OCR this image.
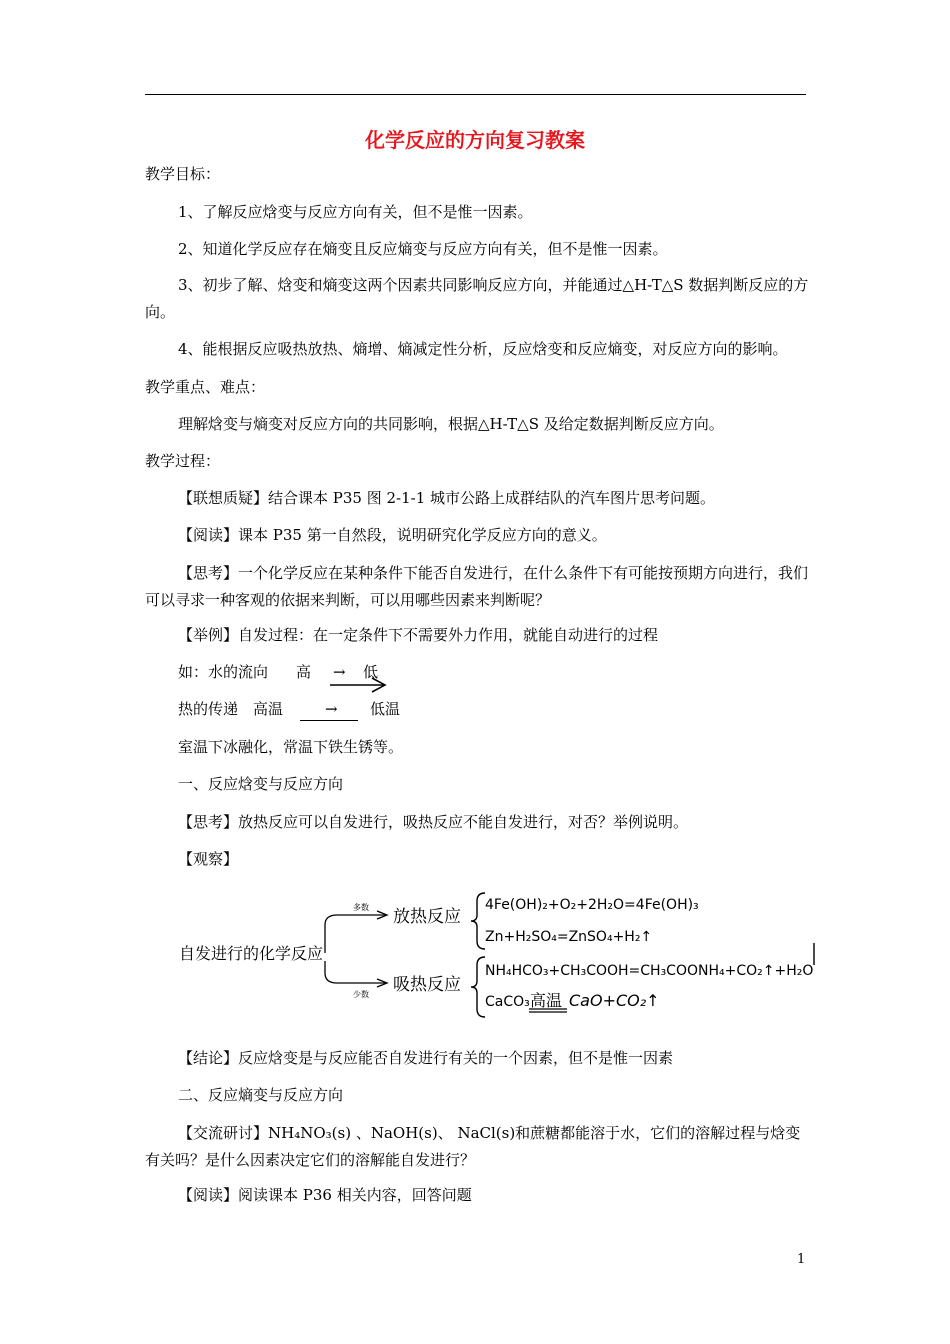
化学反应的方向复习教案
教学目标：
1、了解反应焓变与反应方向有关，但不是惟一因素。
2、知道化学反应存在熵变且反应熵变与反应方向有关，但不是惟一因素。
3、初步了解、焓变和熵变这两个因素共同影响反应方向，并能通过△H-T△S 数据判断反应的方向。
4、能根据反应吸热放热、熵增、熵减定性分析，反应焓变和反应熵变，对反应方向的影响。
教学重点、难点：
理解焓变与熵变对反应方向的共同影响，根据△H-T△S 及给定数据判断反应方向。
教学过程：
【联想质疑】结合课本 P35 图 2-1-1 城市公路上成群结队的汽车图片思考问题。
【阅读】课本 P35 第一自然段，说明研究化学反应方向的意义。
【思考】一个化学反应在某种条件下能否自发进行，在什么条件下有可能按预期方向进行，我们可以寻求一种客观的依据来判断，可以用哪些因素来判断呢？
【举例】自发过程：在一定条件下不需要外力作用，就能自动进行的过程
如：水的流向 高 → 低
热的传递 高温	→ 低温
室温下冰融化，常温下铁生锈等。
一、反应焓变与反应方向
【思考】放热反应可以自发进行，吸热反应不能自发进行，对否？举例说明。
【观察】
自发进行的化学反应
多数
少数
放热反应
吸热反应
4Fe(OH)₂+O₂+2H₂O=4Fe(OH)₃
Zn+H₂SO₄=ZnSO₄+H₂↑
NH₄HCO₃+CH₃COOH=CH₃COONH₄+CO₂↑+H₂O
CaCO₃ 高温 CaO+CO₂↑
【结论】反应焓变是与反应能否自发进行有关的一个因素，但不是惟一因素
二、反应熵变与反应方向
【交流研讨】NH₄NO₃(s) 、NaOH(s)、 NaCl(s)和蔗糖都能溶于水，它们的溶解过程与焓变有关吗？是什么因素决定它们的溶解能自发进行？
【阅读】阅读课本 P36 相关内容，回答问题
1
